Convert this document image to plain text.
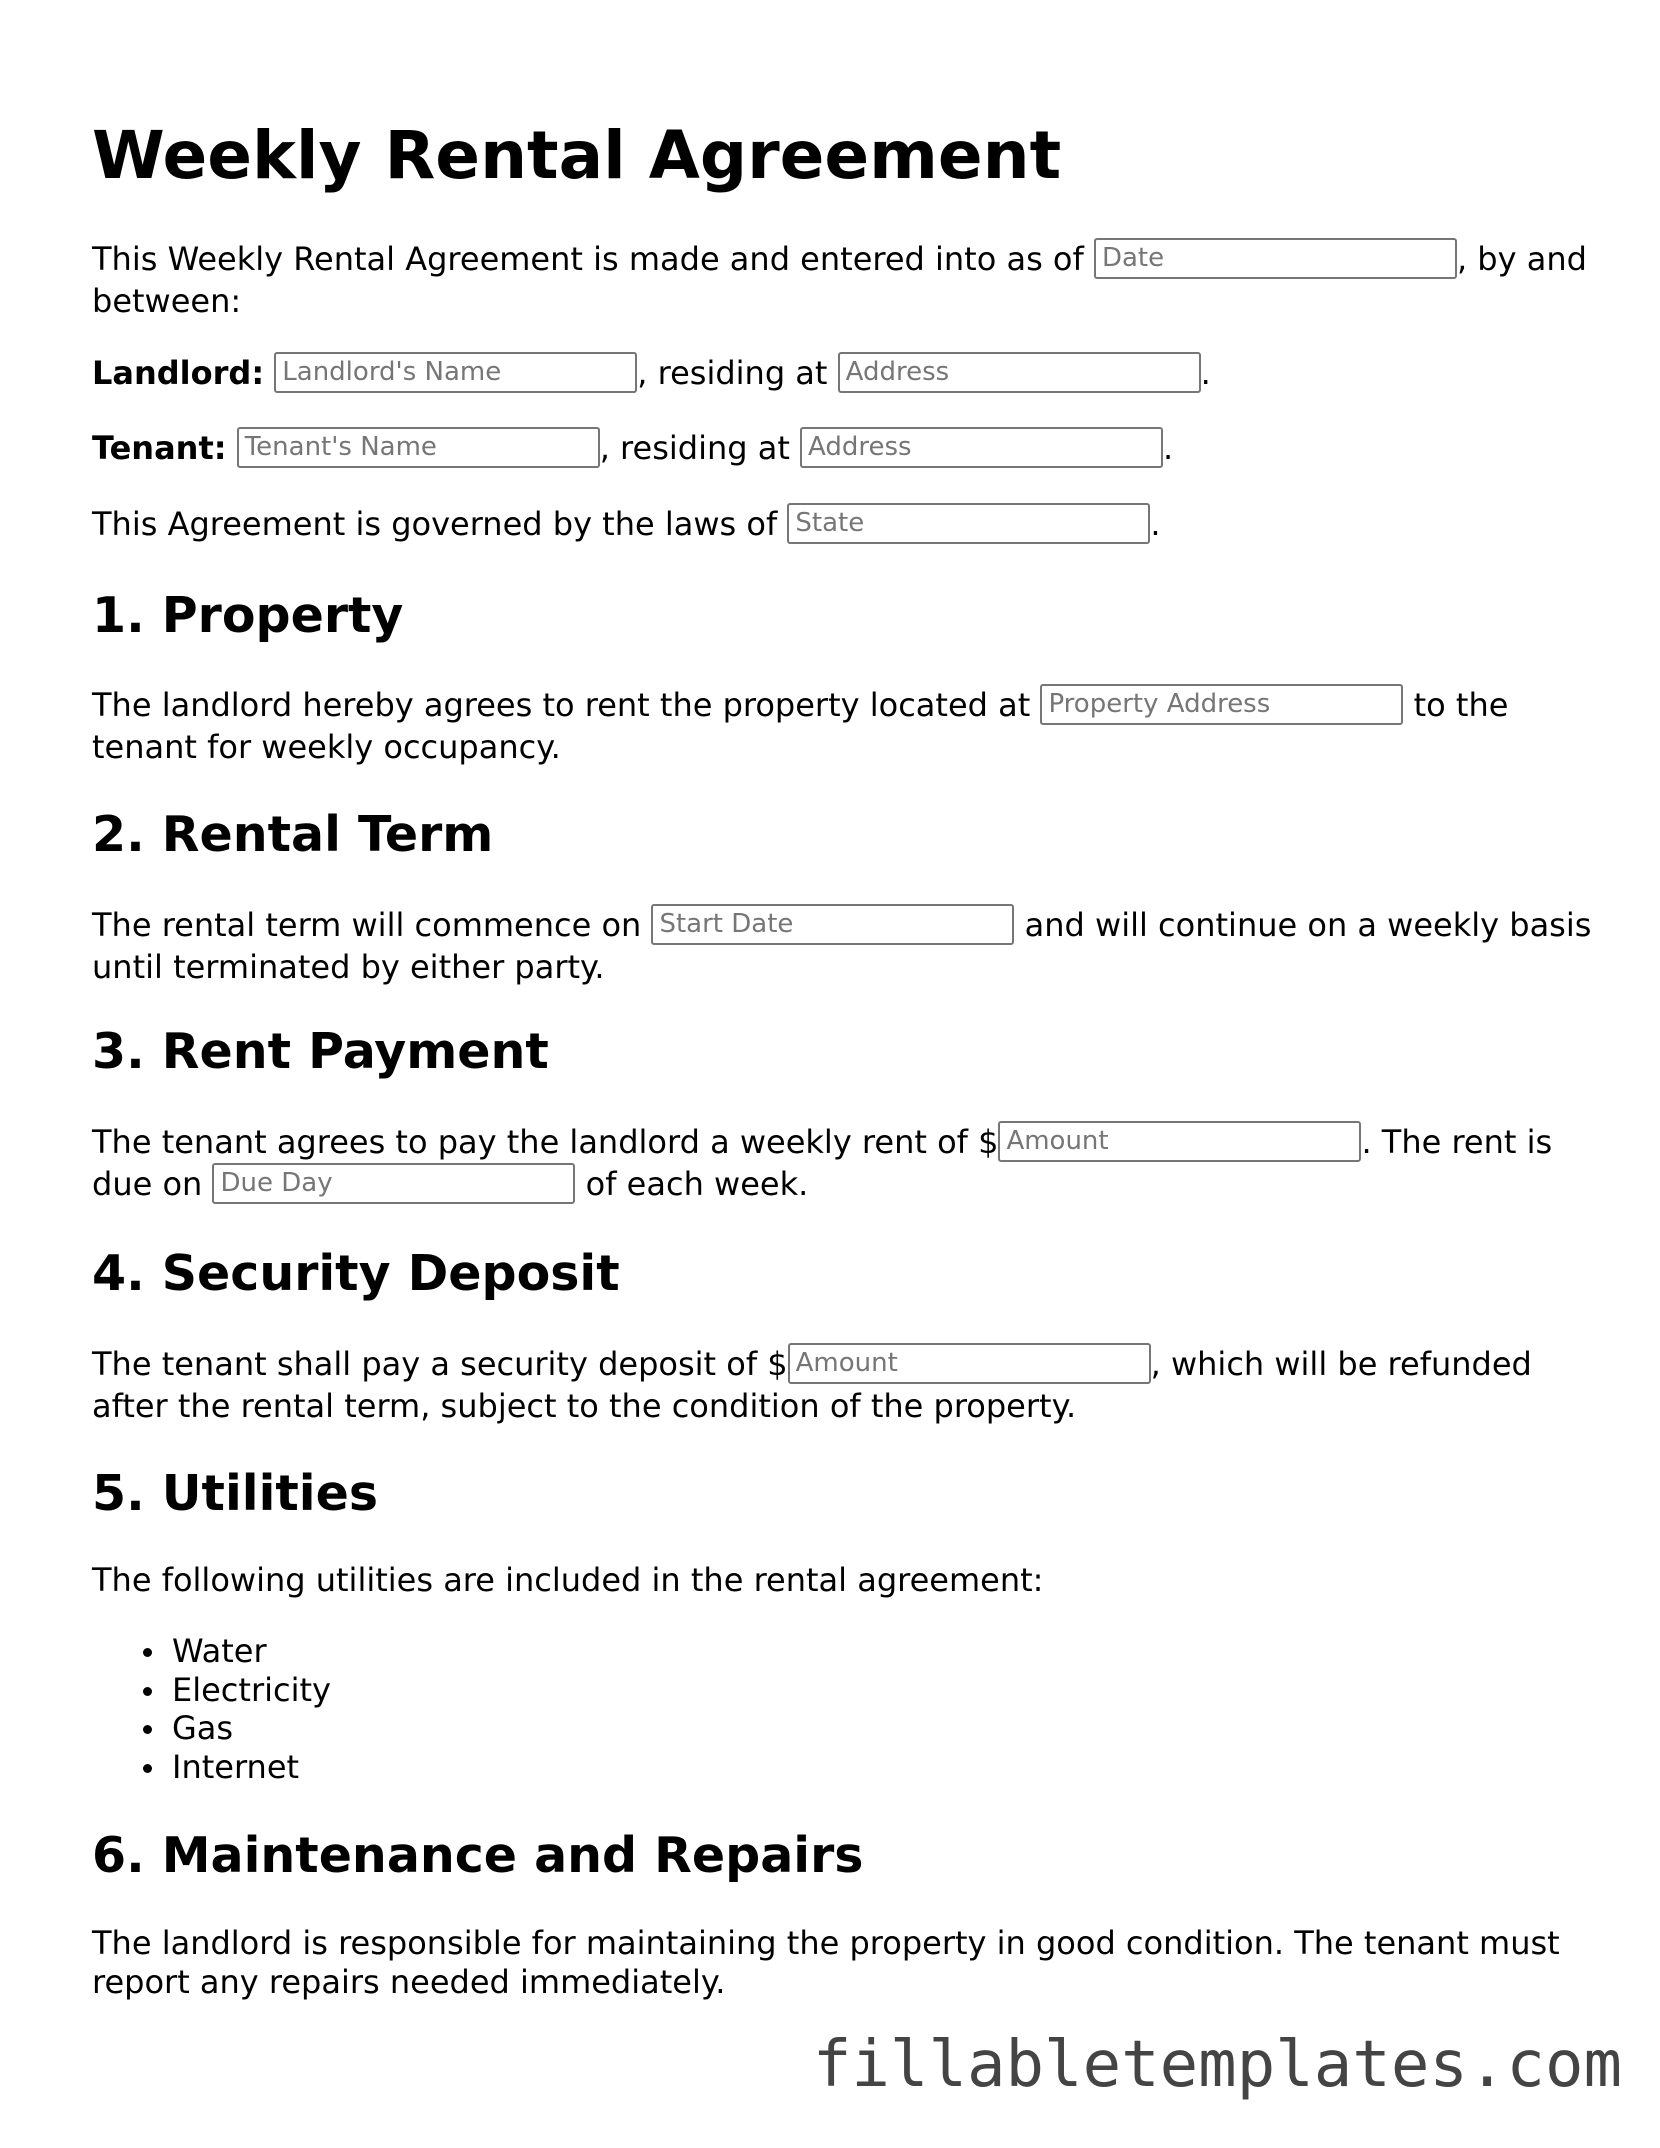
Weekly Rental Agreement

This Weekly Rental Agreement is made and entered into as of Date	, by and between:

Landlord: Landlord's Name	, residing at Address	.

Tenant: Tenant's Name	, residing at Address	.

This Agreement is governed by the laws of State	.

1. Property

The landlord hereby agrees to rent the property located at Property Address	to the tenant for weekly occupancy.

2. Rental Term

The rental term will commence on Start Date	and will continue on a weekly basis until terminated by either party.

3. Rent Payment

The tenant agrees to pay the landlord a weekly rent of $ Amount	. The rent is due on Due Day	of each week.

4. Security Deposit

The tenant shall pay a security deposit of $ Amount	, which will be refunded after the rental term, subject to the condition of the property.

5. Utilities

The following utilities are included in the rental agreement:

Water
Electricity
Gas
Internet
6. Maintenance and Repairs

The landlord is responsible for maintaining the property in good condition. The tenant must report any repairs needed immediately.

fillabletemplates.com
